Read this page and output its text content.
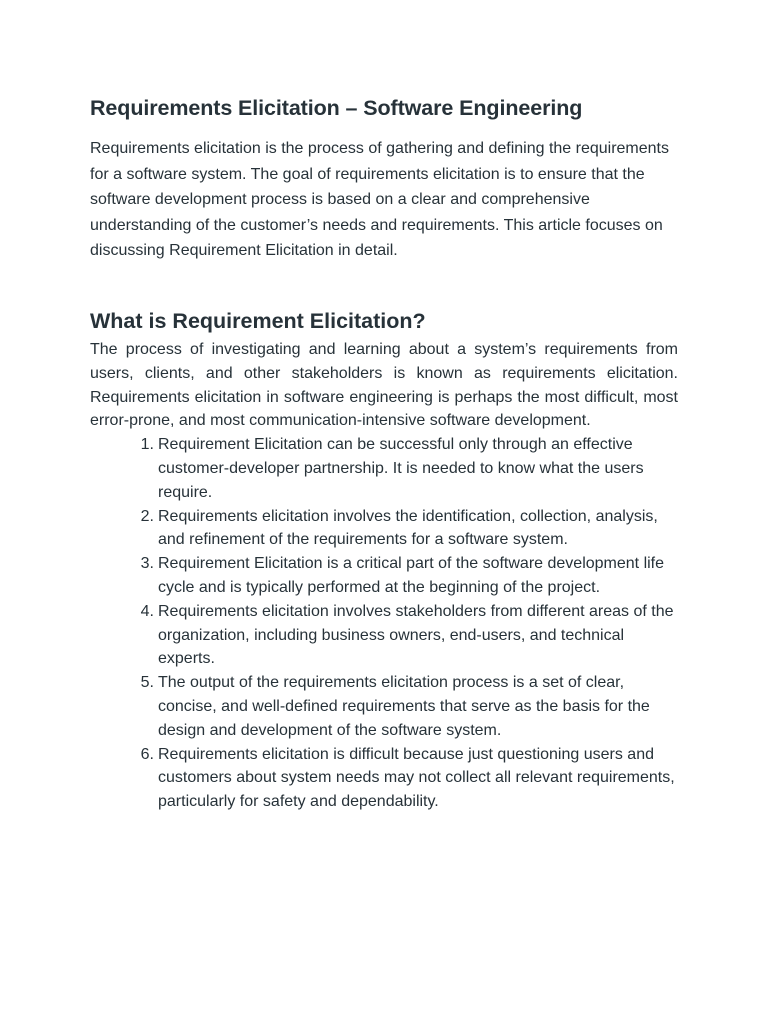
Requirements Elicitation – Software Engineering

Requirements elicitation is the process of gathering and defining the requirements for a software system. The goal of requirements elicitation is to ensure that the software development process is based on a clear and comprehensive understanding of the customer’s needs and requirements. This article focuses on discussing Requirement Elicitation in detail.

What is Requirement Elicitation?

The process of investigating and learning about a system’s requirements from users, clients, and other stakeholders is known as requirements elicitation. Requirements elicitation in software engineering is perhaps the most difficult, most error-prone, and most communication-intensive software development.

1. Requirement Elicitation can be successful only through an effective customer-developer partnership. It is needed to know what the users require.
2. Requirements elicitation involves the identification, collection, analysis, and refinement of the requirements for a software system.
3. Requirement Elicitation is a critical part of the software development life cycle and is typically performed at the beginning of the project.
4. Requirements elicitation involves stakeholders from different areas of the organization, including business owners, end-users, and technical experts.
5. The output of the requirements elicitation process is a set of clear, concise, and well-defined requirements that serve as the basis for the design and development of the software system.
6. Requirements elicitation is difficult because just questioning users and customers about system needs may not collect all relevant requirements, particularly for safety and dependability.
